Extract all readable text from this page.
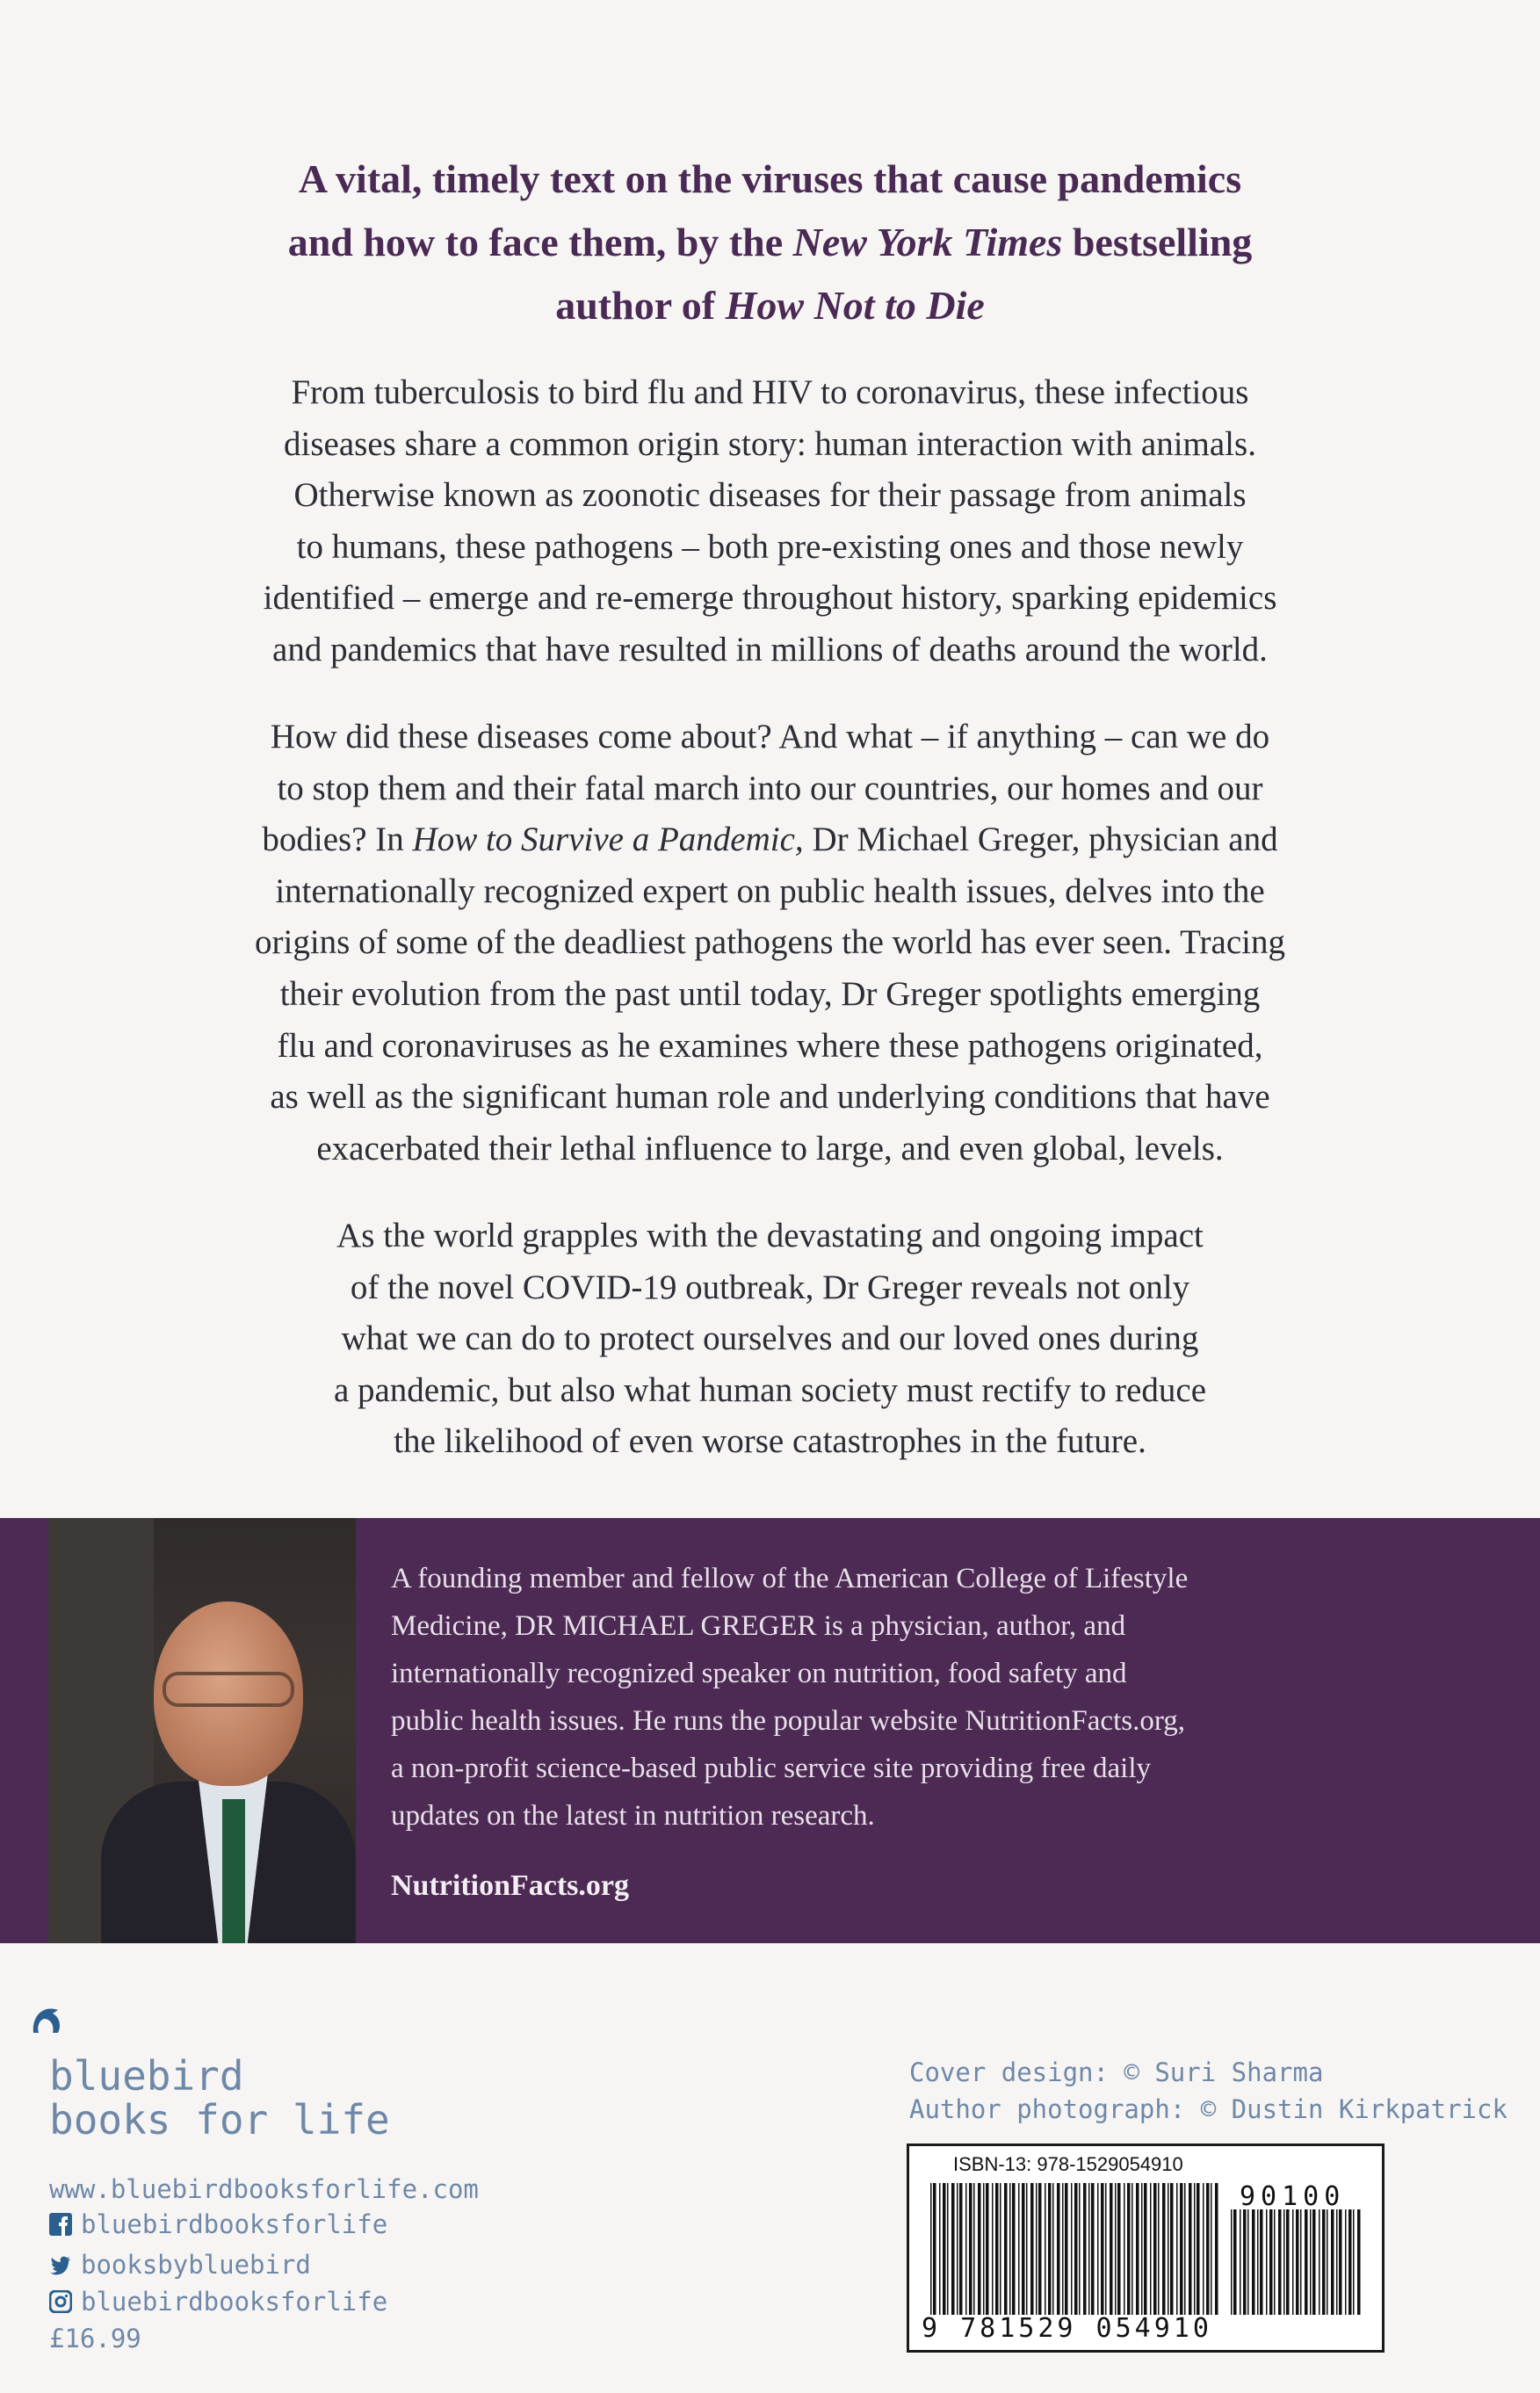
A vital, timely text on the viruses that cause pandemics
and how to face them, by the New York Times bestselling
author of How Not to Die
From tuberculosis to bird flu and HIV to coronavirus, these infectious
diseases share a common origin story: human interaction with animals.
Otherwise known as zoonotic diseases for their passage from animals
to humans, these pathogens – both pre-existing ones and those newly
identified – emerge and re-emerge throughout history, sparking epidemics
and pandemics that have resulted in millions of deaths around the world.
How did these diseases come about? And what – if anything – can we do
to stop them and their fatal march into our countries, our homes and our
bodies? In How to Survive a Pandemic, Dr Michael Greger, physician and
internationally recognized expert on public health issues, delves into the
origins of some of the deadliest pathogens the world has ever seen. Tracing
their evolution from the past until today, Dr Greger spotlights emerging
flu and coronaviruses as he examines where these pathogens originated,
as well as the significant human role and underlying conditions that have
exacerbated their lethal influence to large, and even global, levels.
As the world grapples with the devastating and ongoing impact
of the novel COVID-19 outbreak, Dr Greger reveals not only
what we can do to protect ourselves and our loved ones during
a pandemic, but also what human society must rectify to reduce
the likelihood of even worse catastrophes in the future.
A founding member and fellow of the American College of Lifestyle
Medicine, DR MICHAEL GREGER is a physician, author, and
internationally recognized speaker on nutrition, food safety and
public health issues. He runs the popular website NutritionFacts.org,
a non-profit science-based public service site providing free daily
updates on the latest in nutrition research.
NutritionFacts.org
bluebird
books for life
www.bluebirdbooksforlife.com
bluebirdbooksforlife
booksbybluebird
bluebirdbooksforlife
£16.99
Cover design: © Suri Sharma
Author photograph: © Dustin Kirkpatrick
ISBN-13: 978-1529054910
9 781529 054910
90100
